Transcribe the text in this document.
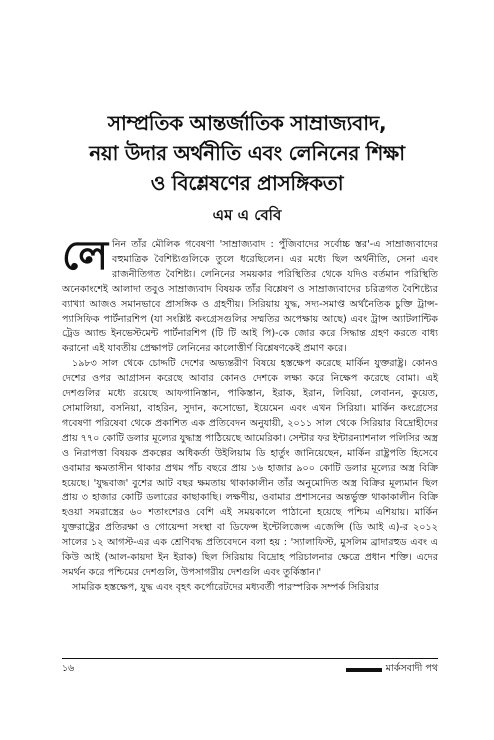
সাম্প্রতিক আন্তর্জাতিক সাম্রাজ্যবাদ,
নয়া উদার অর্থনীতি এবং লেনিনের শিক্ষা
ও বিশ্লেষণের প্রাসঙ্গিকতা
এম এ বেবি

লেনিন তাঁর মৌলিক গবেষণা 'সাম্রাজ্যবাদ : পুঁজিবাদের সর্বোচ্চ স্তর'-এ সাম্রাজ্যবাদের বহুমাত্রিক বৈশিষ্ট্যগুলিকে তুলে ধরেছিলেন। এর মধ্যে ছিল অর্থনীতি, সেনা এবং রাজনীতিগত বৈশিষ্ট্য। লেনিনের সময়কার পরিস্থিতির থেকে যদিও বর্তমান পরিস্থিতি অনেকাংশেই আলাদা তবুও সাম্রাজ্যবাদ বিষয়ক তাঁর বিশ্লেষণ ও সাম্রাজ্যবাদের চরিত্রগত বৈশিষ্ট্যের ব্যাখ্যা আজও সমানভাবে প্রাসঙ্গিক ও গ্রহণীয়। সিরিয়ায় যুদ্ধ, সদ্য-সমাপ্ত অর্থনৈতিক চুক্তি ট্রান্স-প্যাসিফিক পার্টনারশিপ (যা সংশ্লিষ্ট কংগ্রেসগুলির সম্মতির অপেক্ষায় আছে) এবং ট্রান্স অ্যাটলান্টিক ট্রেড অ্যান্ড ইনভেস্টমেন্ট পার্টনারশিপ (টি টি আই পি)-কে জোর করে সিদ্ধান্ত গ্রহণ করতে বাধ্য করানো এই যাবতীয় প্রেক্ষাপট লেনিনের কালোত্তীর্ণ বিশ্লেষণকেই প্রমাণ করে।

১৯৮৩ সাল থেকে চোদ্দটি দেশের অভ্যন্তরীণ বিষয়ে হস্তক্ষেপ করেছে মার্কিন যুক্তরাষ্ট্র। কোনও দেশের ওপর আগ্রাসন করেছে আবার কোনও দেশকে লক্ষ্য করে নিক্ষেপ করেছে বোমা। এই দেশগুলির মধ্যে রয়েছে আফগানিস্তান, পাকিস্তান, ইরাক, ইরান, লিবিয়া, লেবানন, কুয়েত, সোমালিয়া, বসনিয়া, বাহরিন, সুদান, কসোভো, ইয়েমেন এবং এখন সিরিয়া। মার্কিন কংগ্রেসের গবেষণা পরিষেবা থেকে প্রকাশিত এক প্রতিবেদন অনুযায়ী, ২০১১ সাল থেকে সিরিয়ার বিদ্রোহীদের প্রায় ৭৭০ কোটি ডলার মূল্যের যুদ্ধাস্ত্র পাঠিয়েছে আমেরিকা। সেন্টার ফর ইন্টারন্যাশনাল পলিসির অস্ত্র ও নিরাপত্তা বিষয়ক প্রকল্পের অধিকর্তা উইলিয়াম ডি হার্তুং জানিয়েছেন, মার্কিন রাষ্ট্রপতি হিসেবে ওবামার ক্ষমতাসীন থাকার প্রথম পাঁচ বছরে প্রায় ১৬ হাজার ৯০০ কোটি ডলার মূল্যের অস্ত্র বিক্রি হয়েছে। 'যুদ্ধবাজ' বুশের আট বছর ক্ষমতায় থাকাকালীন তাঁর অনুমোদিত অস্ত্র বিক্রির মূল্যমান ছিল প্রায় ৩ হাজার কোটি ডলারের কাছাকাছি। লক্ষণীয়, ওবামার প্রশাসনের অন্তর্ভুক্ত থাকাকালীন বিক্রি হওয়া সমরাস্ত্রের ৬০ শতাংশেরও বেশি এই সময়কালে পাঠানো হয়েছে পশ্চিম এশিয়ায়। মার্কিন যুক্তরাষ্ট্রের প্রতিরক্ষা ও গোয়েন্দা সংস্থা বা ডিফেন্স ইন্টেলিজেন্স এজেন্সি (ডি আই এ)-র ২০১২ সালের ১২ আগস্ট-এর এক শ্রেণিবদ্ধ প্রতিবেদনে বলা হয় : 'স্যালাফিস্ট, মুসলিম ব্রাদারহুড এবং এ কিউ আই (আল-কায়দা ইন ইরাক) ছিল সিরিয়ায় বিদ্রোহ পরিচালনার ক্ষেত্রে প্রধান শক্তি। এদের সমর্থন করে পশ্চিমের দেশগুলি, উপসাগরীয় দেশগুলি এবং তুর্কিস্তান।'

সামরিক হস্তক্ষেপ, যুদ্ধ এবং বৃহৎ কর্পোরেটদের মধ্যবর্তী পারস্পরিক সম্পর্ক সিরিয়ার

১৬	মার্কসবাদী পথ
